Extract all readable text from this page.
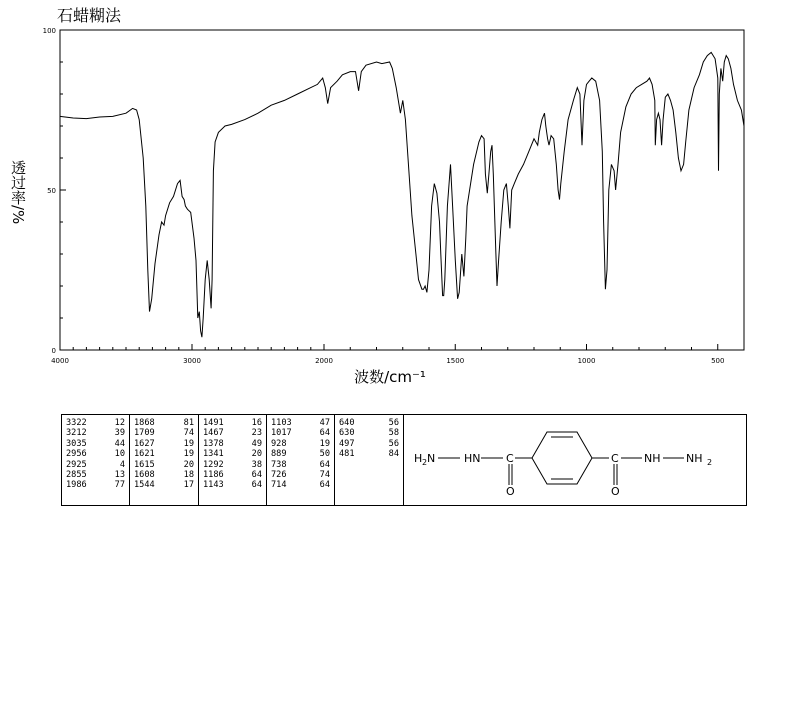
石蜡糊法
4000	3000	2000	1500	1000	500
100
50
0
波数/cm⁻¹
透过率/%
3322	12
3212	39
3035	44
2956	10
2925	4
2855	13
1986	77
1868	81
1709	74
1627	19
1621	19
1615	20
1608	18
1544	17
1491	16
1467	23
1378	49
1341	20
1292	38
1186	64
1143	64
1103	47
1017	64
928	19
889	50
738	64
726	74
714	64
640	56
630	58
497	56
481	84 H 2 N	HN C
O
C
O
NH NH 2
